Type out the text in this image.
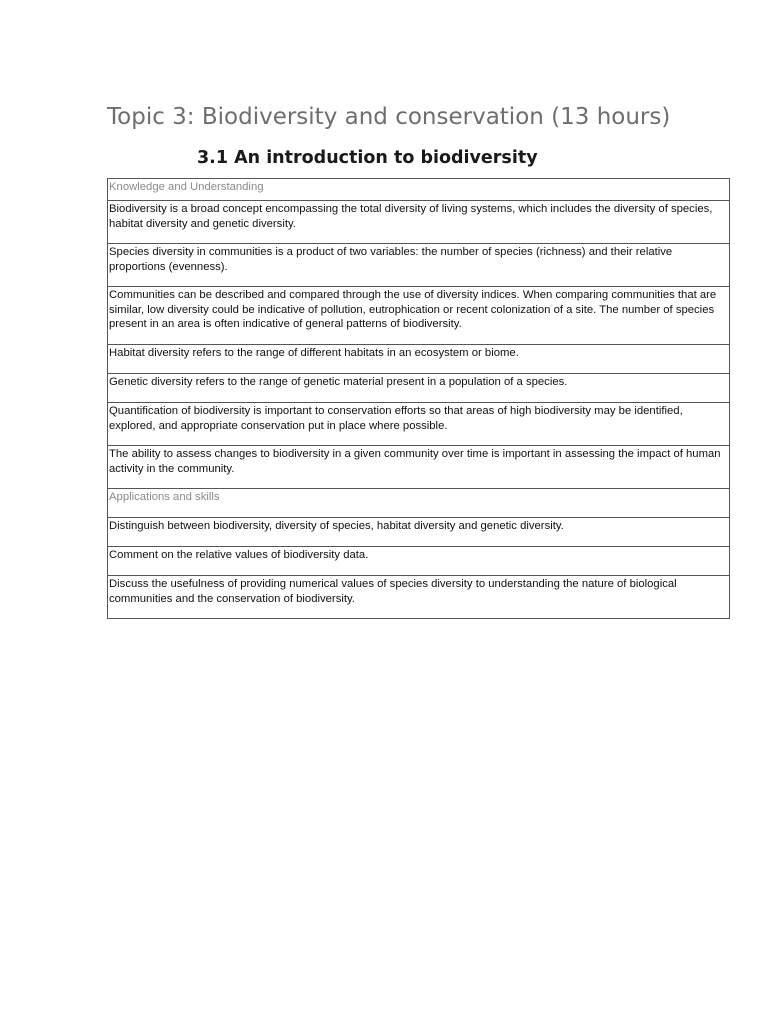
Topic 3: Biodiversity and conservation (13 hours)
3.1 An introduction to biodiversity
Knowledge and Understanding
Biodiversity is a broad concept encompassing the total diversity of living systems, which includes the diversity of species, habitat diversity and genetic diversity.
Species diversity in communities is a product of two variables: the number of species (richness) and their relative proportions (evenness).
Communities can be described and compared through the use of diversity indices. When comparing communities that are similar, low diversity could be indicative of pollution, eutrophication or recent colonization of a site. The number of species present in an area is often indicative of general patterns of biodiversity.
Habitat diversity refers to the range of different habitats in an ecosystem or biome.
Genetic diversity refers to the range of genetic material present in a population of a species.
Quantification of biodiversity is important to conservation efforts so that areas of high biodiversity may be identified, explored, and appropriate conservation put in place where possible.
The ability to assess changes to biodiversity in a given community over time is important in assessing the impact of human activity in the community.
Applications and skills
Distinguish between biodiversity, diversity of species, habitat diversity and genetic diversity.
Comment on the relative values of biodiversity data.
Discuss the usefulness of providing numerical values of species diversity to understanding the nature of biological communities and the conservation of biodiversity.
